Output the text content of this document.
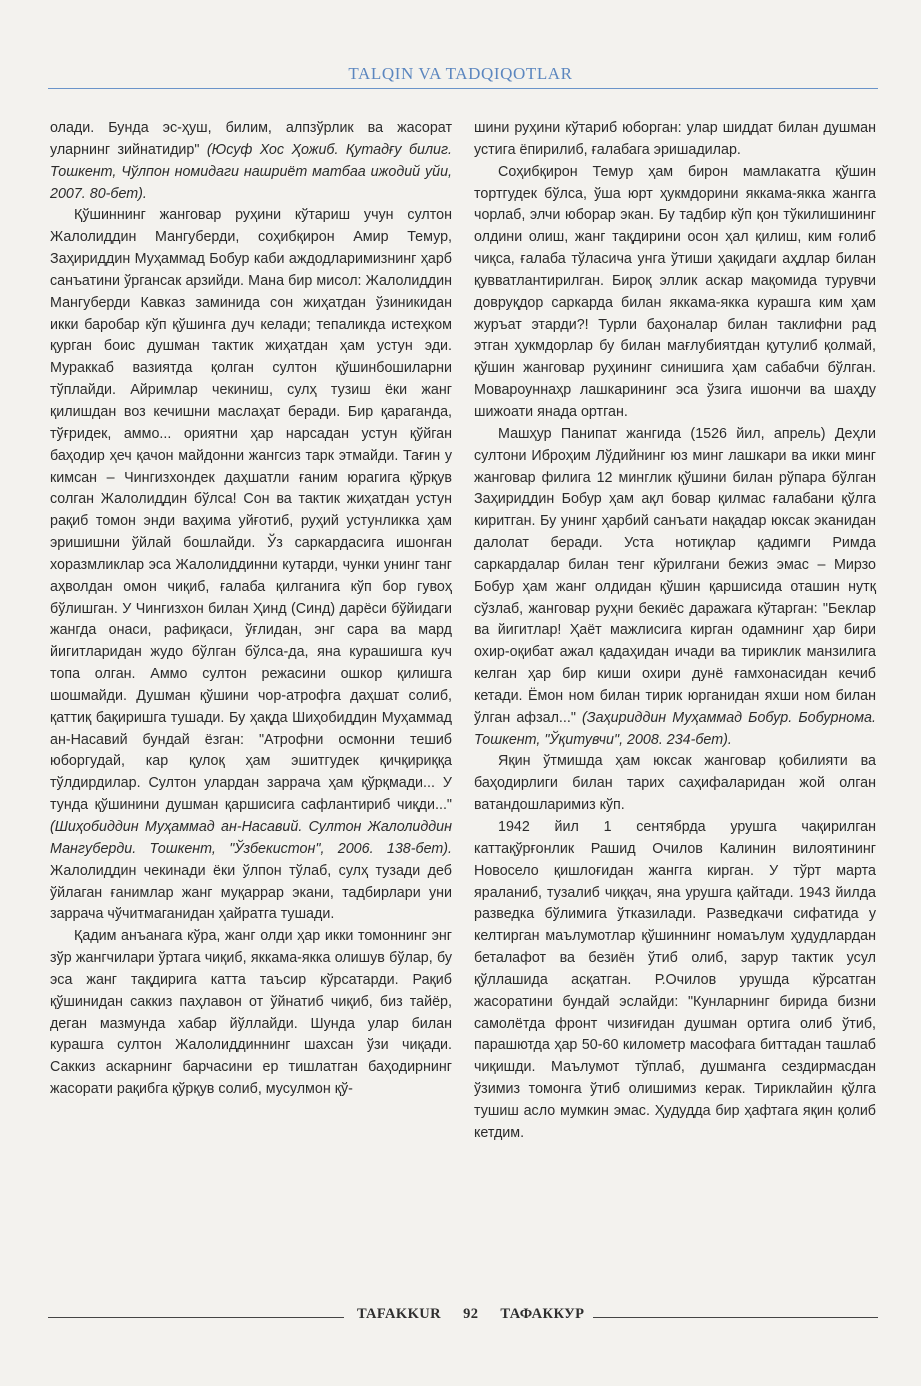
TALQIN VA TADQIQOTLAR

олади. Бунда эс-ҳуш, билим, алпзўрлик ва жасорат уларнинг зийнатидир" (Юсуф Хос Ҳожиб. Қутадғу билиг. Тошкент, Чўлпон номидаги нашриёт матбаа ижодий уйи, 2007. 80-бет).

Қўшиннинг жанговар руҳини кўтариш учун султон Жалолиддин Мангуберди, соҳибқирон Амир Темур, Заҳириддин Муҳаммад Бобур каби аждодларимизнинг ҳарб санъатини ўргансак арзийди. Мана бир мисол: Жалолиддин Мангуберди Кавказ заминида сон жиҳатдан ўзиникидан икки баробар кўп қўшинга дуч келади; тепаликда истеҳком қурган боис душман тактик жиҳатдан ҳам устун эди. Мураккаб вазиятда қолган султон қўшинбошиларни тўплайди. Айримлар чекиниш, сулҳ тузиш ёки жанг қилишдан воз кечишни маслаҳат беради. Бир қараганда, тўғридек, аммо... ориятни ҳар нарсадан устун қўйган баҳодир ҳеч қачон майдонни жангсиз тарк этмайди. Тағин у кимсан – Чингизхондек даҳшатли ғаним юрагига қўрқув солган Жалолиддин бўлса! Сон ва тактик жиҳатдан устун рақиб томон энди ваҳима уйғотиб, руҳий устунликка ҳам эришишни ўйлай бошлайди. Ўз саркардасига ишонган хоразмликлар эса Жалолиддинни кутарди, чунки унинг танг аҳволдан омон чиқиб, ғалаба қилганига кўп бор гувоҳ бўлишган. У Чингизхон билан Ҳинд (Синд) дарёси бўйидаги жангда онаси, рафиқаси, ўғлидан, энг сара ва мард йигитларидан жудо бўлган бўлса-да, яна курашишга куч топа олган. Аммо султон режасини ошкор қилишга шошмайди. Душман қўшини чор-атрофга даҳшат солиб, қаттиқ бақиришга тушади. Бу ҳақда Шиҳобиддин Муҳаммад ан-Насавий бундай ёзган: "Атрофни осмонни тешиб юборгудай, кар қулоқ ҳам эшитгудек қичқириққа тўлдирдилар. Султон улардан заррача ҳам қўрқмади... У тунда қўшинини душман қаршисига сафлантириб чиқди..." (Шиҳобиддин Муҳаммад ан-Насавий. Султон Жалолиддин Мангуберди. Тошкент, "Ўзбекистон", 2006. 138-бет). Жалолиддин чекинади ёки ўлпон тўлаб, сулҳ тузади деб ўйлаган ғанимлар жанг муқаррар экани, тадбирлари уни заррача чўчитмаганидан ҳайратга тушади.

Қадим анъанага кўра, жанг олди ҳар икки томоннинг энг зўр жангчилари ўртага чиқиб, яккама-якка олишув бўлар, бу эса жанг тақдирига катта таъсир кўрсатарди. Рақиб қўшинидан саккиз паҳлавон от ўйнатиб чиқиб, биз тайёр, деган мазмунда хабар йўллайди. Шунда улар билан курашга султон Жалолиддиннинг шахсан ўзи чиқади. Саккиз аскарнинг барчасини ер тишлатган баҳодирнинг жасорати рақибга қўрқув солиб, мусулмон қў-

шини руҳини кўтариб юборган: улар шиддат билан душман устига ёпирилиб, ғалабага эришадилар.

Соҳибқирон Темур ҳам бирон мамлакатга қўшин тортгудек бўлса, ўша юрт ҳукмдорини яккама-якка жангга чорлаб, элчи юборар экан. Бу тадбир кўп қон тўкилишининг олдини олиш, жанг тақдирини осон ҳал қилиш, ким ғолиб чиқса, ғалаба тўласича унга ўтиши ҳақидаги аҳдлар билан қувватлантирилган. Бироқ эллик аскар мақомида турувчи довруқдор саркарда билан яккама-якка курашга ким ҳам журъат этарди?! Турли баҳоналар билан таклифни рад этган ҳукмдорлар бу билан мағлубиятдан қутулиб қолмай, қўшин жанговар руҳининг синишига ҳам сабабчи бўлган. Мовароуннаҳр лашкарининг эса ўзига ишончи ва шаҳду шижоати янада ортган.

Машҳур Панипат жангида (1526 йил, апрель) Деҳли султони Иброҳим Лўдийнинг юз минг лашкари ва икки минг жанговар филига 12 минглик қўшини билан рўпара бўлган Заҳириддин Бобур ҳам ақл бовар қилмас ғалабани қўлга киритган. Бу унинг ҳарбий санъати нақадар юксак эканидан далолат беради. Уста нотиқлар қадимги Римда саркардалар билан тенг кўрилгани бежиз эмас – Мирзо Бобур ҳам жанг олдидан қўшин қаршисида оташин нутқ сўзлаб, жанговар руҳни бекиёс даражага кўтарган: "Беклар ва йигитлар! Ҳаёт мажлисига кирган одамнинг ҳар бири охир-оқибат ажал қадаҳидан ичади ва тириклик манзилига келган ҳар бир киши охири дунё ғамхонасидан кечиб кетади. Ёмон ном билан тирик юрганидан яхши ном билан ўлган афзал..." (Заҳириддин Муҳаммад Бобур. Бобурнома. Тошкент, "Ўқитувчи", 2008. 234-бет).

Яқин ўтмишда ҳам юксак жанговар қобилияти ва баҳодирлиги билан тарих саҳифаларидан жой олган ватандошларимиз кўп.

1942 йил 1 сентябрда урушга чақирилган каттақўрғонлик Рашид Очилов Калинин вилоятининг Новосело қишлоғидан жангга кирган. У тўрт марта яраланиб, тузалиб чиққач, яна урушга қайтади. 1943 йилда разведка бўлимига ўтказилади. Разведкачи сифатида у келтирган маълумотлар қўшиннинг номаълум ҳудудлардан беталафот ва безиён ўтиб олиб, зарур тактик усул қўллашида асқатган. Р.Очилов урушда кўрсатган жасоратини бундай эслайди: "Кунларнинг бирида бизни самолётда фронт чизиғидан душман ортига олиб ўтиб, парашютда ҳар 50-60 километр масофага биттадан ташлаб чиқишди. Маълумот тўплаб, душманга сездирмасдан ўзимиз томонга ўтиб олишимиз керак. Тириклайин қўлга тушиш асло мумкин эмас. Ҳудудда бир ҳафтага яқин қолиб кетдим.

TAFAKKUR 92 ТАФАККУР
